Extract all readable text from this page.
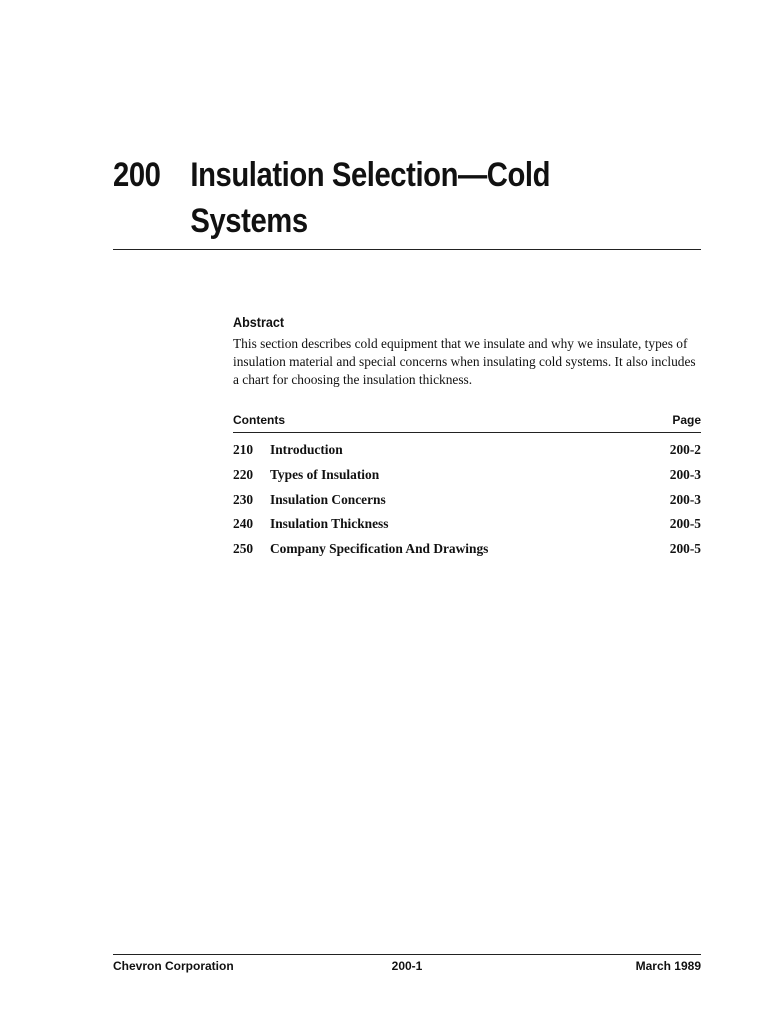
200 Insulation Selection—Cold Systems
Abstract

This section describes cold equipment that we insulate and why we insulate, types of insulation material and special concerns when insulating cold systems. It also includes a chart for choosing the insulation thickness.

Contents	Page
210	Introduction	200-2
220	Types of Insulation	200-3
230	Insulation Concerns	200-3
240	Insulation Thickness	200-5
250	Company Specification And Drawings	200-5
Chevron Corporation	200-1	March 1989
